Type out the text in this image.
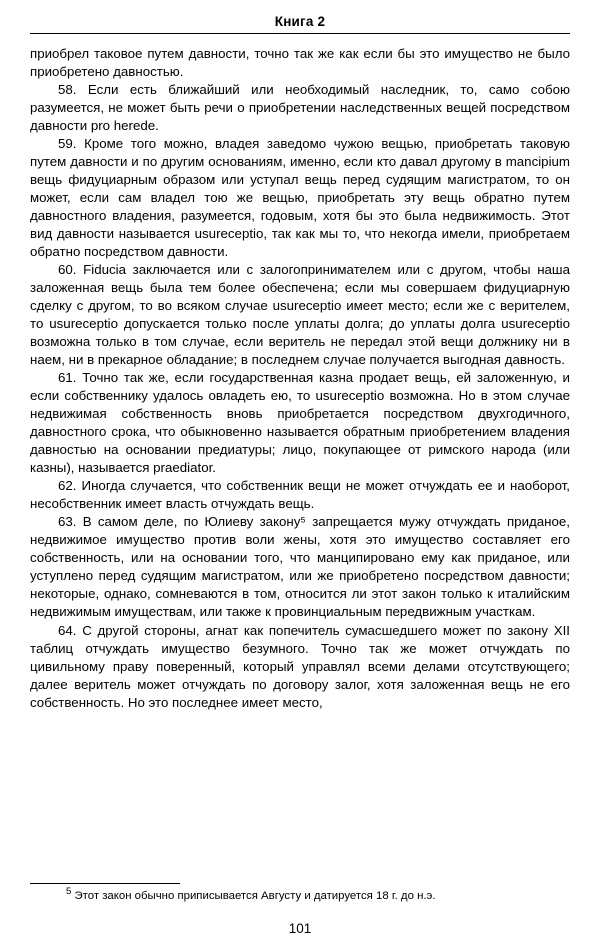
Книга 2

приобрел таковое путем давности, точно так же как если бы это имущество не было приобретено давностью.

58. Если есть ближайший или необходимый наследник, то, само собою разумеется, не может быть речи о приобретении наследственных вещей посредством давности pro herede.

59. Кроме того можно, владея заведомо чужою вещью, приобретать таковую путем давности и по другим основаниям, именно, если кто давал другому в mancipium вещь фидуциарным образом или уступал вещь перед судящим магистратом, то он может, если сам владел тою же вещью, приобретать эту вещь обратно путем давностного владения, разумеется, годовым, хотя бы это была недвижимость. Этот вид давности называется usureceptio, так как мы то, что некогда имели, приобретаем обратно посредством давности.

60. Fiducia заключается или с залогопринимателем или с другом, чтобы наша заложенная вещь была тем более обеспечена; если мы совершаем фидуциарную сделку с другом, то во всяком случае usureceptio имеет место; если же с верителем, то usureceptio допускается только после уплаты долга; до уплаты долга usureceptio возможна только в том случае, если веритель не передал этой вещи должнику ни в наем, ни в прекарное обладание; в последнем случае получается выгодная давность.

61. Точно так же, если государственная казна продает вещь, ей заложенную, и если собственнику удалось овладеть ею, то usureceptio возможна. Но в этом случае недвижимая собственность вновь приобретается посредством двухгодичного, давностного срока, что обыкновенно называется обратным приобретением владения давностью на основании предиатуры; лицо, покупающее от римского народа (или казны), называется praediator.

62. Иногда случается, что собственник вещи не может отчуждать ее и наоборот, несобственник имеет власть отчуждать вещь.

63. В самом деле, по Юлиеву закону⁵ запрещается мужу отчуждать приданое, недвижимое имущество против воли жены, хотя это имущество составляет его собственность, или на основании того, что манципировано ему как приданое, или уступлено перед судящим магистратом, или же приобретено посредством давности; некоторые, однако, сомневаются в том, относится ли этот закон только к италийским недвижимым имуществам, или также к провинциальным передвижным участкам.

64. С другой стороны, агнат как попечитель сумасшедшего может по закону XII таблиц отчуждать имущество безумного. Точно так же может отчуждать по цивильному праву поверенный, который управлял всеми делами отсутствующего; далее веритель может отчуждать по договору залог, хотя заложенная вещь не его собственность. Но это последнее имеет место,

$^5$ Этот закон обычно приписывается Августу и датируется 18 г. до н.э.
101
